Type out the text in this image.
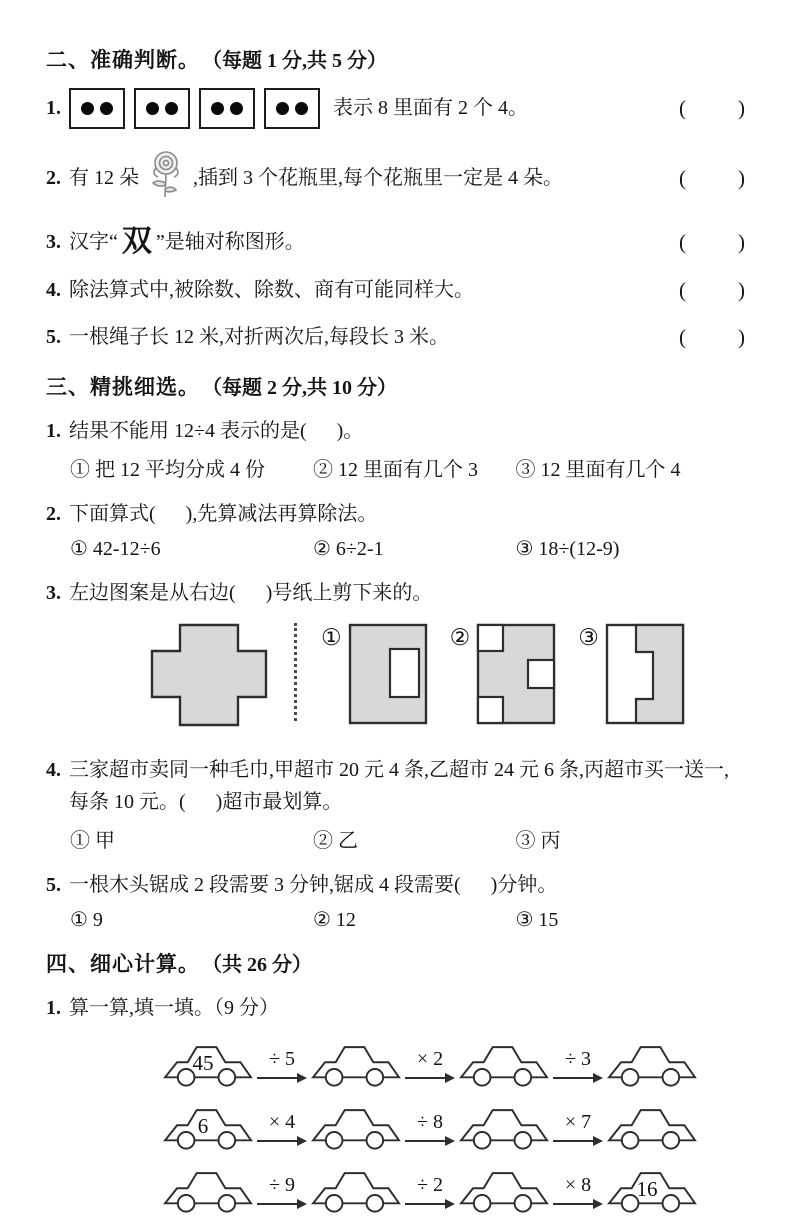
二、准确判断。 （每题 1 分,共 5 分）
1.	表示 8 里面有 2 个 4。	( )
2. 有 12 朵	,插到 3 个花瓶里,每个花瓶里一定是 4 朵。	( )
3. 汉字“ 双 ”是轴对称图形。	( )
4. 除法算式中,被除数、除数、商有可能同样大。	( )
5. 一根绳子长 12 米,对折两次后,每段长 3 米。	( )
三、精挑细选。 （每题 2 分,共 10 分）
1. 结果不能用 12÷4 表示的是(      )。
① 把 12 平均分成 4 份	② 12 里面有几个 3	③ 12 里面有几个 4
2. 下面算式(      ),先算减法再算除法。
① 42-12÷6	② 6÷2-1	③ 18÷(12-9)
3. 左边图案是从右边(      )号纸上剪下来的。
①	②	③
4. 三家超市卖同一种毛巾,甲超市 20 元 4 条,乙超市 24 元 6 条,丙超市买一送一,每条 10 元。(      )超市最划算。
① 甲	② 乙	③ 丙
5. 一根木头锯成 2 段需要 3 分钟,锯成 4 段需要(      )分钟。
① 9	② 12	③ 15
四、细心计算。 （共 26 分）
1. 算一算,填一填。（9 分）
45	÷ 5	× 2	÷ 3
6	× 4	÷ 8	× 7
÷ 9	÷ 2	× 8	16
